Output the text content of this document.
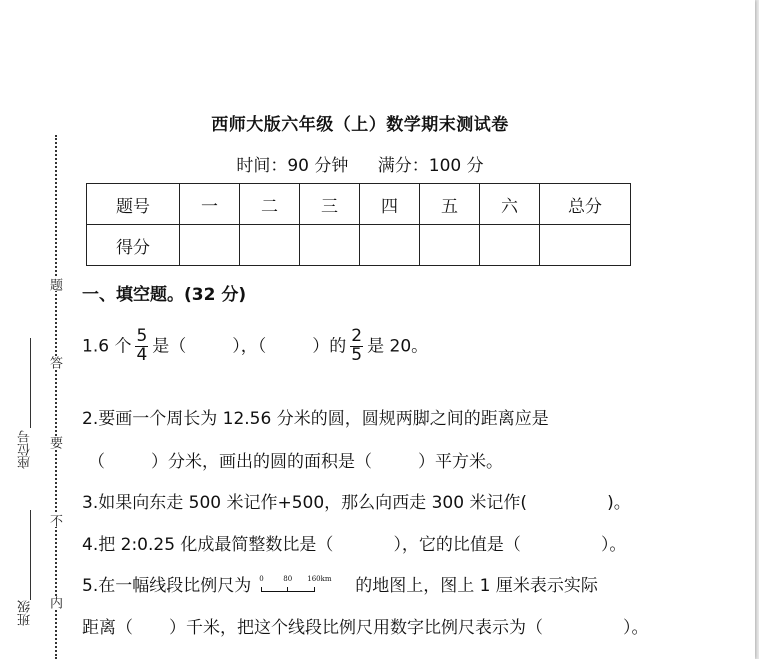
题
答
要
不
内
座位号
班级
西师大版六年级（上）数学期末测试卷
时间：90 分钟 满分：100 分
题号	一	二	三	四	五	六	总分
得分							
一、填空题。(32 分)
1.6 个 $\frac{5}{4}$ 是（	），（	）的 $\frac{2}{5}$ 是 20。
2.要画一个周长为 12.56 分米的圆，圆规两脚之间的距离应是
（	）分米，画出的圆的面积是（	）平方米。
3.如果向东走 500 米记作+500，那么向西走 300 米记作(	)。
4.把 2:0.25 化成最简整数比是（	），它的比值是（	）。
5.在一幅线段比例尺为 0	80 160km 的地图上，图上 1 厘米表示实际
距离（ ）千米，把这个线段比例尺用数字比例尺表示为（	）。
